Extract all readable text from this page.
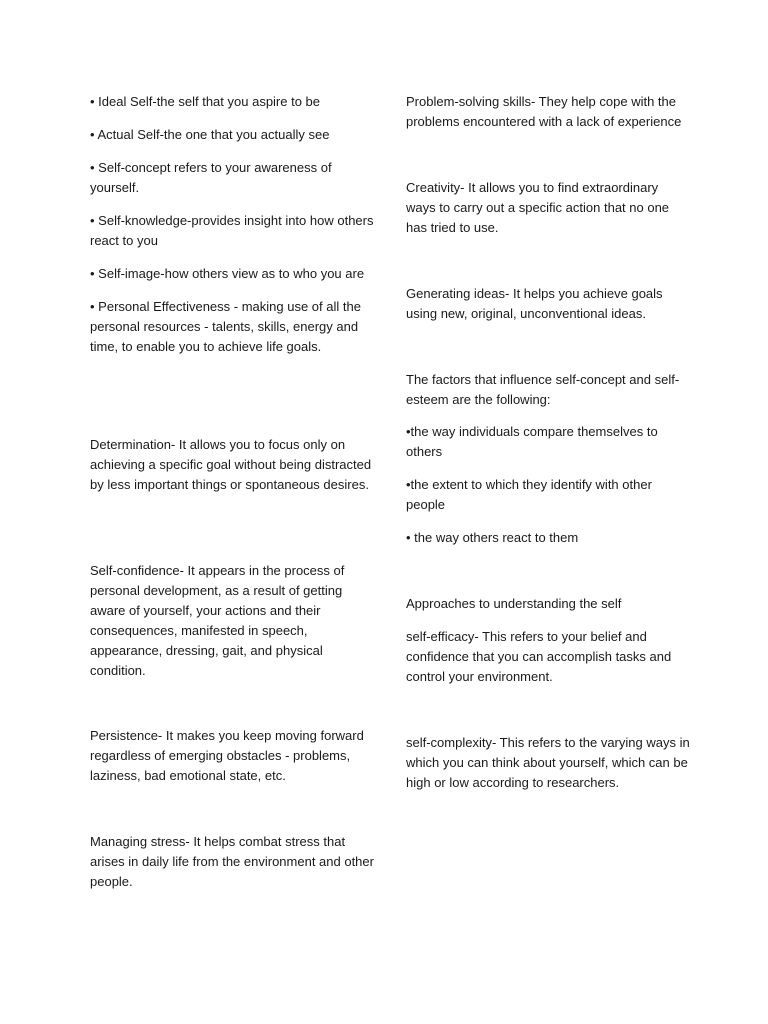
• Ideal Self-the self that you aspire to be

• Actual Self-the one that you actually see

• Self-concept refers to your awareness of yourself.

• Self-knowledge-provides insight into how others react to you

• Self-image-how others view as to who you are

• Personal Effectiveness - making use of all the personal resources - talents, skills, energy and time, to enable you to achieve life goals.

Determination- It allows you to focus only on achieving a specific goal without being distracted by less important things or spontaneous desires.

Self-confidence- It appears in the process of personal development, as a result of getting aware of yourself, your actions and their consequences, manifested in speech, appearance, dressing, gait, and physical condition.

Persistence- It makes you keep moving forward regardless of emerging obstacles - problems, laziness, bad emotional state, etc.

Managing stress- It helps combat stress that arises in daily life from the environment and other people.

Problem-solving skills- They help cope with the problems encountered with a lack of experience

Creativity- It allows you to find extraordinary ways to carry out a specific action that no one has tried to use.

Generating ideas- It helps you achieve goals using new, original, unconventional ideas.

The factors that influence self-concept and self-esteem are the following:

•the way individuals compare themselves to others

•the extent to which they identify with other people

• the way others react to them

Approaches to understanding the self

self-efficacy- This refers to your belief and confidence that you can accomplish tasks and control your environment.

self-complexity- This refers to the varying ways in which you can think about yourself, which can be high or low according to researchers.
